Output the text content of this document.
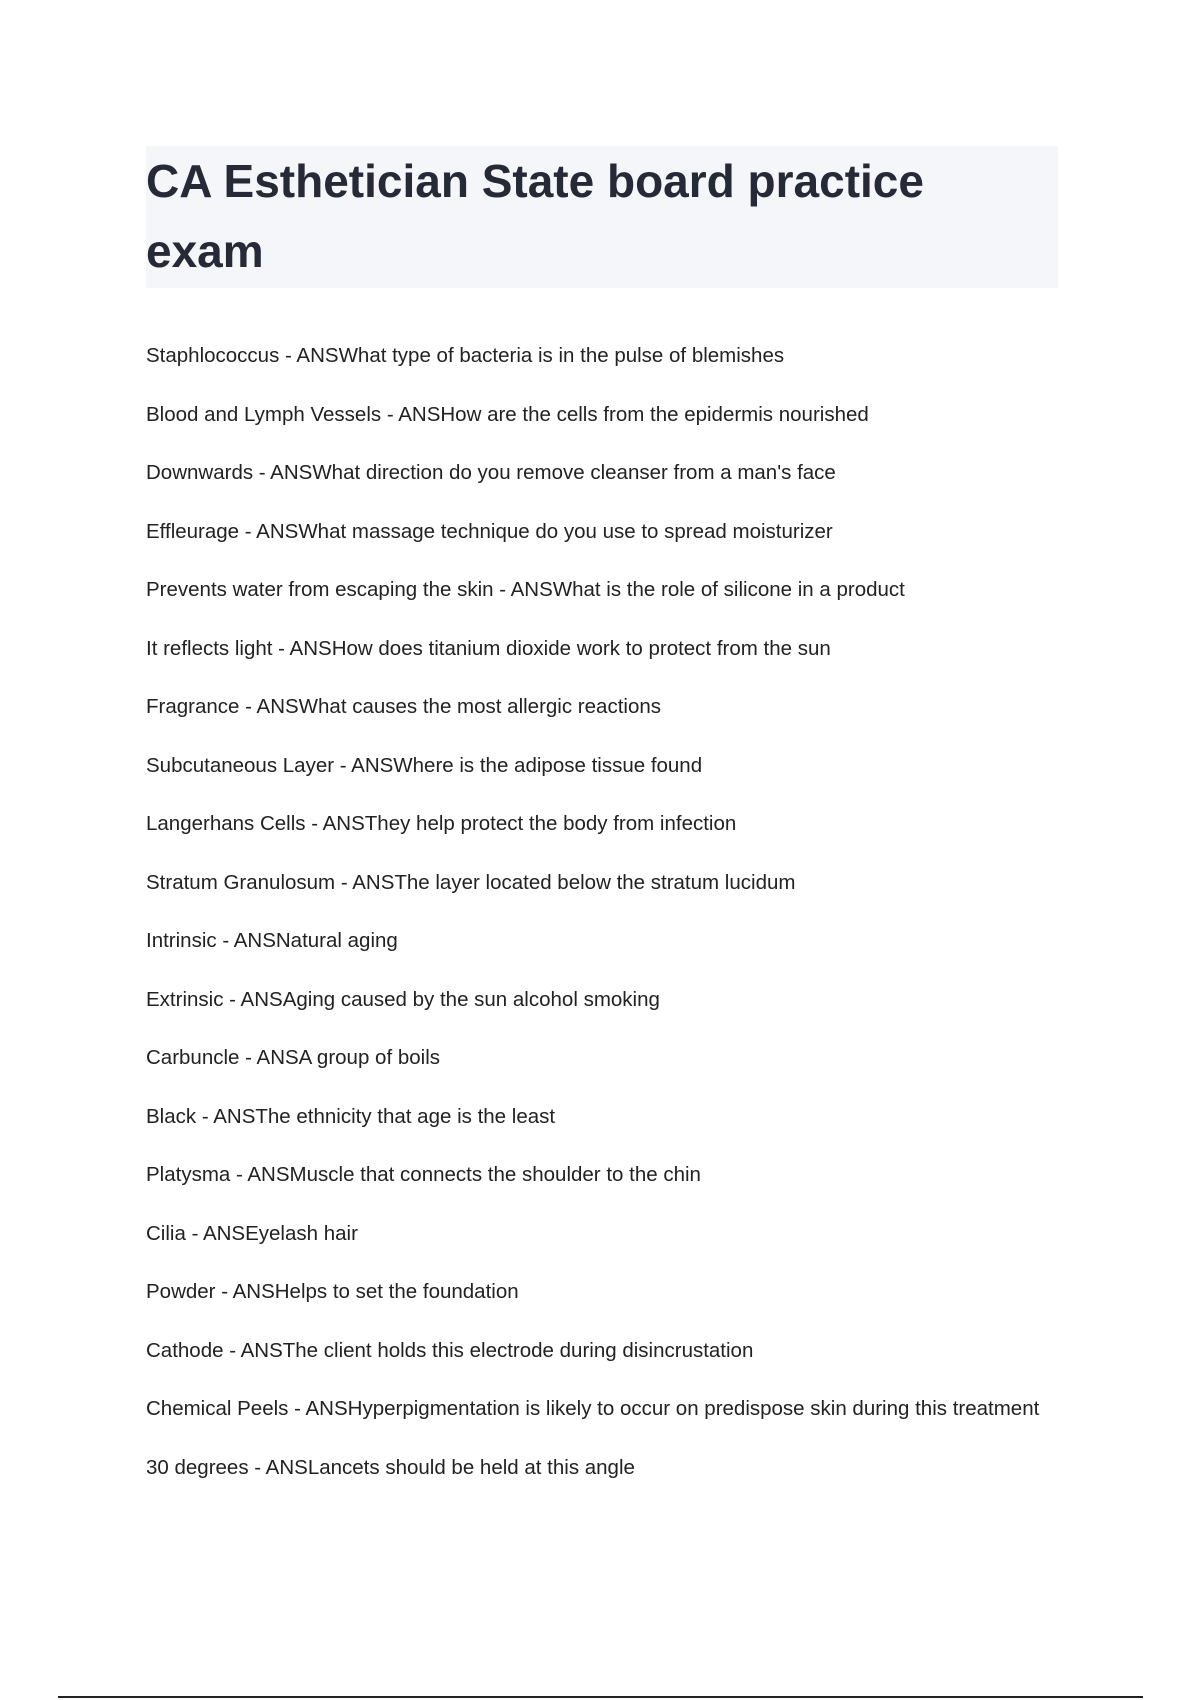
CA Esthetician State board practice exam
Staphlococcus - ANSWhat type of bacteria is in the pulse of blemishes
Blood and Lymph Vessels - ANSHow are the cells from the epidermis nourished
Downwards - ANSWhat direction do you remove cleanser from a man's face
Effleurage - ANSWhat massage technique do you use to spread moisturizer
Prevents water from escaping the skin - ANSWhat is the role of silicone in a product
It reflects light - ANSHow does titanium dioxide work to protect from the sun
Fragrance - ANSWhat causes the most allergic reactions
Subcutaneous Layer - ANSWhere is the adipose tissue found
Langerhans Cells - ANSThey help protect the body from infection
Stratum Granulosum - ANSThe layer located below the stratum lucidum
Intrinsic - ANSNatural aging
Extrinsic - ANSAging caused by the sun alcohol smoking
Carbuncle - ANSA group of boils
Black - ANSThe ethnicity that age is the least
Platysma - ANSMuscle that connects the shoulder to the chin
Cilia - ANSEyelash hair
Powder - ANSHelps to set the foundation
Cathode - ANSThe client holds this electrode during disincrustation
Chemical Peels - ANSHyperpigmentation is likely to occur on predispose skin during this treatment
30 degrees - ANSLancets should be held at this angle
